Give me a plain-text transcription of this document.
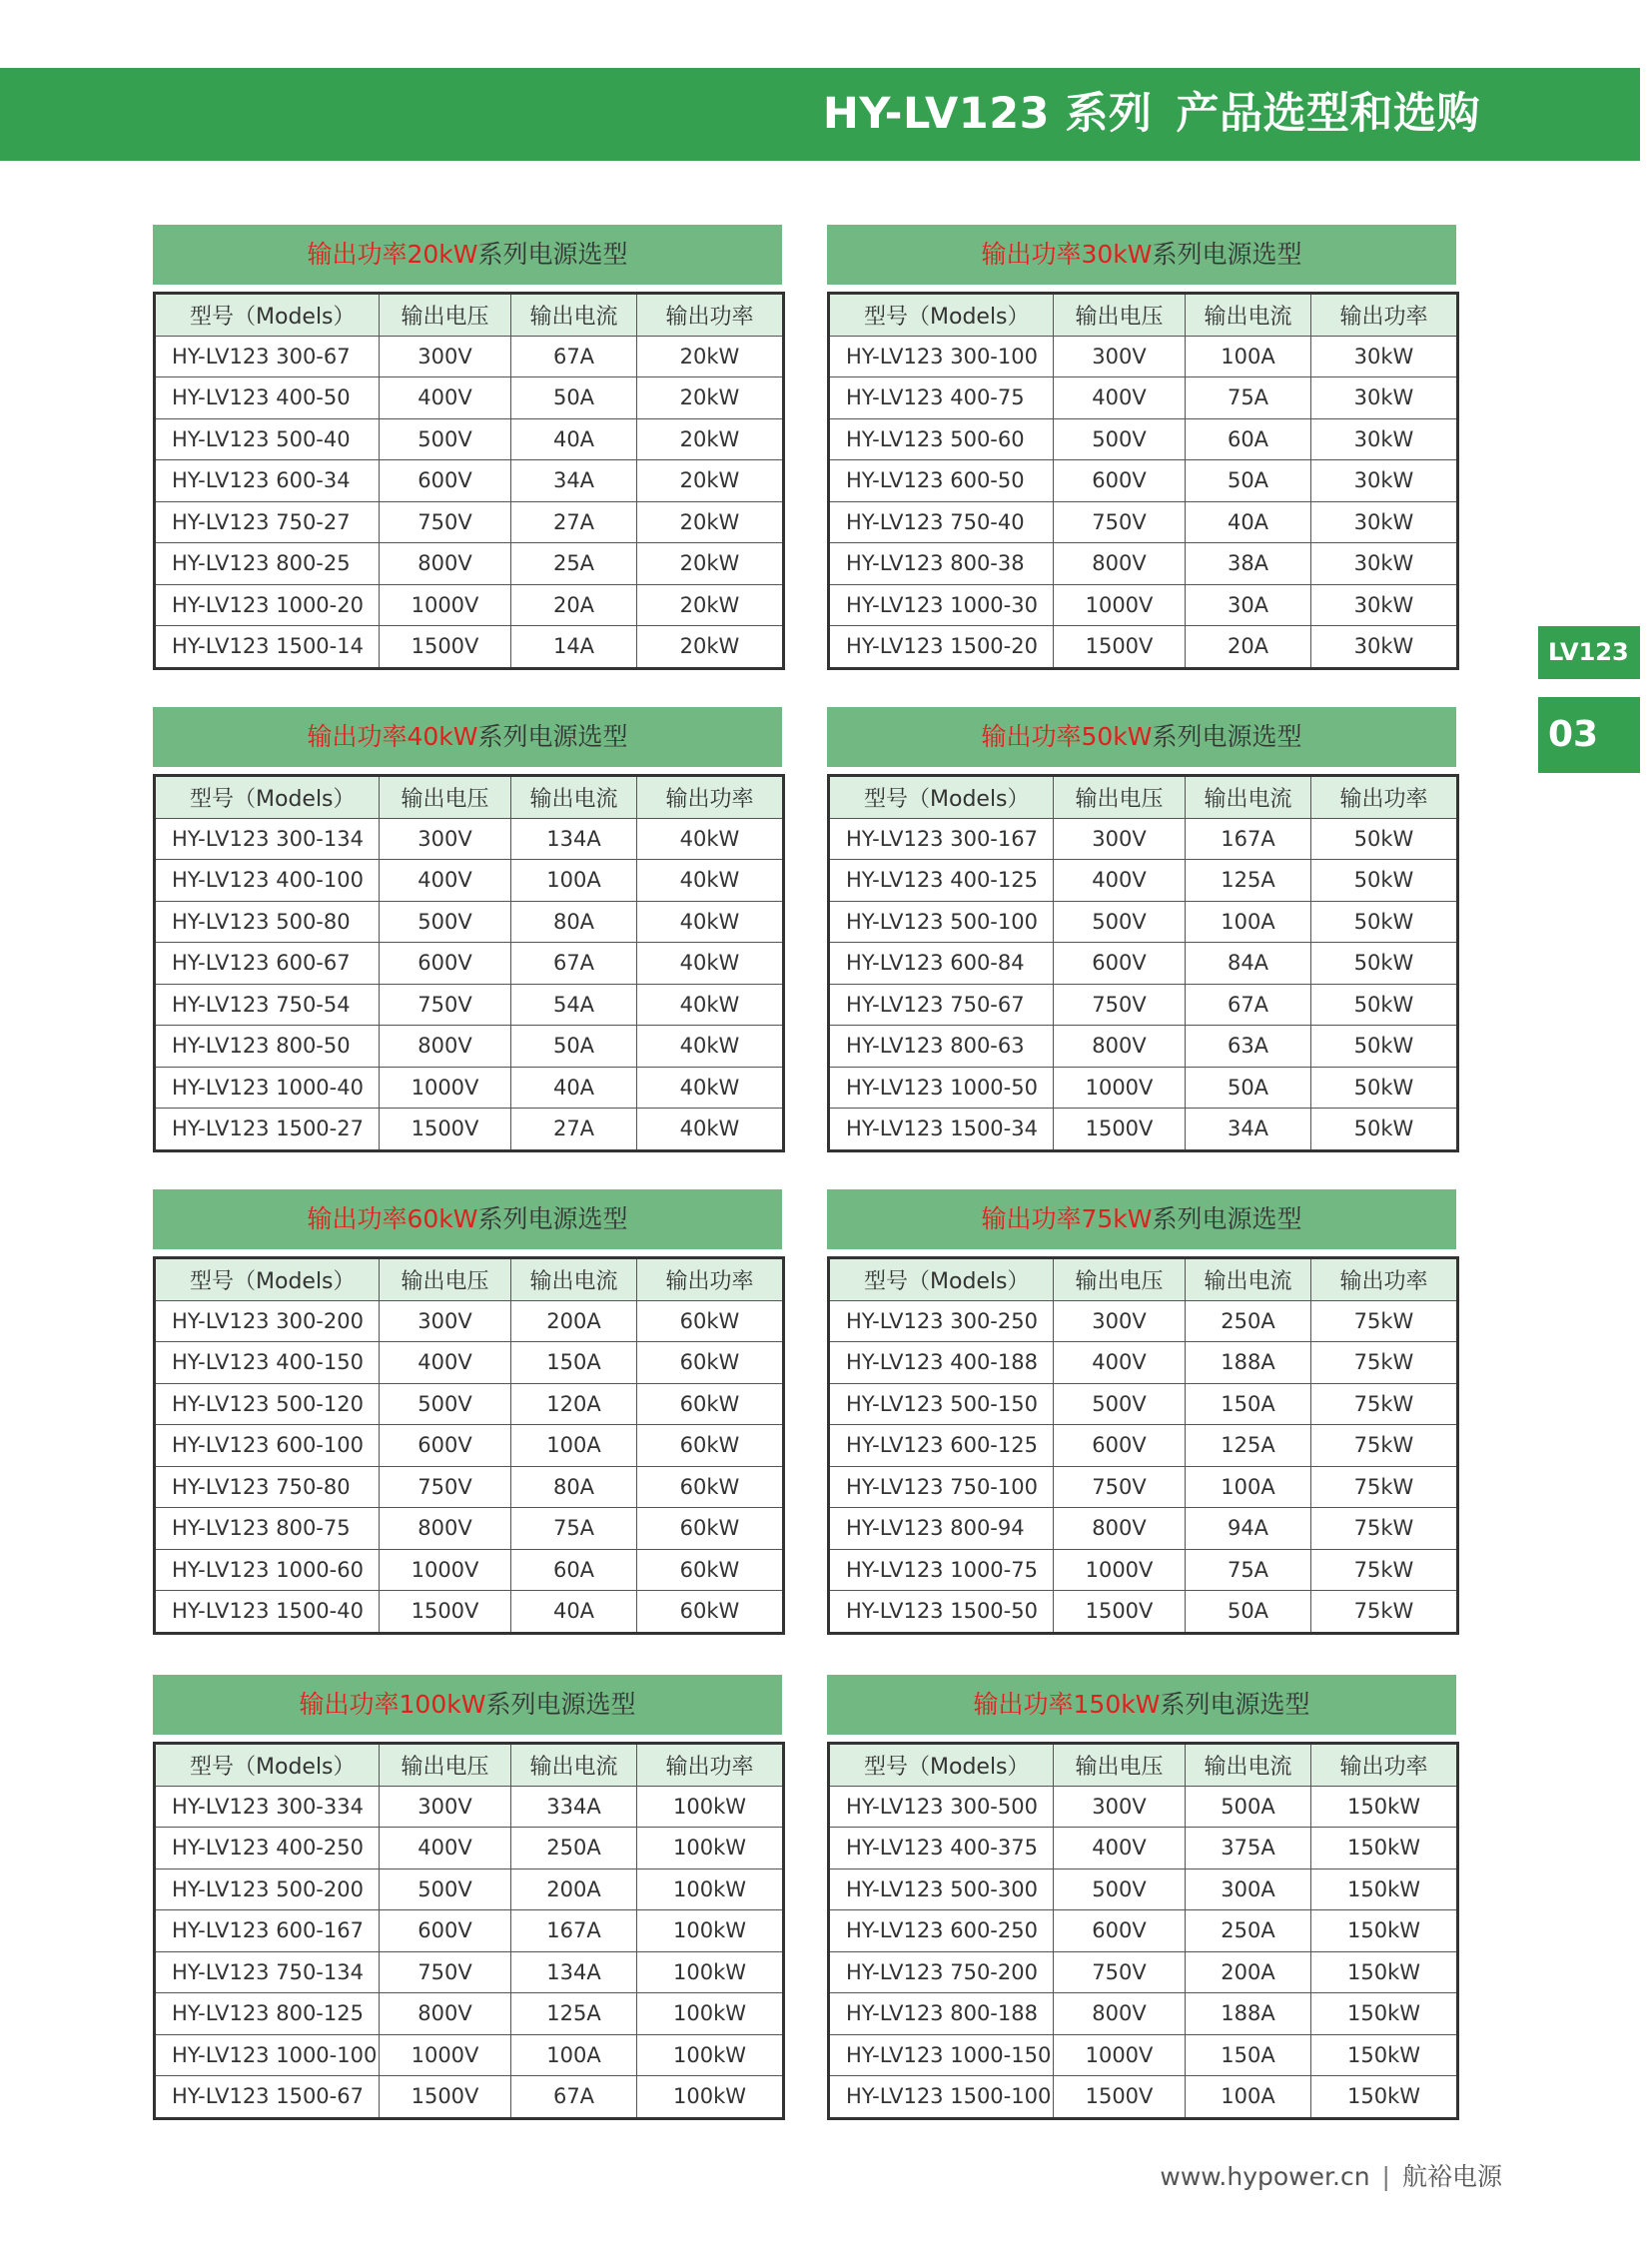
HY-LV123 系列 产品选型和选购
LV123
03
输出功率20kW系列电源选型
型号（Models）	输出电压	输出电流	输出功率
HY-LV123 300-67	300V	67A	20kW
HY-LV123 400-50	400V	50A	20kW
HY-LV123 500-40	500V	40A	20kW
HY-LV123 600-34	600V	34A	20kW
HY-LV123 750-27	750V	27A	20kW
HY-LV123 800-25	800V	25A	20kW
HY-LV123 1000-20	1000V	20A	20kW
HY-LV123 1500-14	1500V	14A	20kW
输出功率30kW系列电源选型
型号（Models）	输出电压	输出电流	输出功率
HY-LV123 300-100	300V	100A	30kW
HY-LV123 400-75	400V	75A	30kW
HY-LV123 500-60	500V	60A	30kW
HY-LV123 600-50	600V	50A	30kW
HY-LV123 750-40	750V	40A	30kW
HY-LV123 800-38	800V	38A	30kW
HY-LV123 1000-30	1000V	30A	30kW
HY-LV123 1500-20	1500V	20A	30kW
输出功率40kW系列电源选型
型号（Models）	输出电压	输出电流	输出功率
HY-LV123 300-134	300V	134A	40kW
HY-LV123 400-100	400V	100A	40kW
HY-LV123 500-80	500V	80A	40kW
HY-LV123 600-67	600V	67A	40kW
HY-LV123 750-54	750V	54A	40kW
HY-LV123 800-50	800V	50A	40kW
HY-LV123 1000-40	1000V	40A	40kW
HY-LV123 1500-27	1500V	27A	40kW
输出功率50kW系列电源选型
型号（Models）	输出电压	输出电流	输出功率
HY-LV123 300-167	300V	167A	50kW
HY-LV123 400-125	400V	125A	50kW
HY-LV123 500-100	500V	100A	50kW
HY-LV123 600-84	600V	84A	50kW
HY-LV123 750-67	750V	67A	50kW
HY-LV123 800-63	800V	63A	50kW
HY-LV123 1000-50	1000V	50A	50kW
HY-LV123 1500-34	1500V	34A	50kW
输出功率60kW系列电源选型
型号（Models）	输出电压	输出电流	输出功率
HY-LV123 300-200	300V	200A	60kW
HY-LV123 400-150	400V	150A	60kW
HY-LV123 500-120	500V	120A	60kW
HY-LV123 600-100	600V	100A	60kW
HY-LV123 750-80	750V	80A	60kW
HY-LV123 800-75	800V	75A	60kW
HY-LV123 1000-60	1000V	60A	60kW
HY-LV123 1500-40	1500V	40A	60kW
输出功率75kW系列电源选型
型号（Models）	输出电压	输出电流	输出功率
HY-LV123 300-250	300V	250A	75kW
HY-LV123 400-188	400V	188A	75kW
HY-LV123 500-150	500V	150A	75kW
HY-LV123 600-125	600V	125A	75kW
HY-LV123 750-100	750V	100A	75kW
HY-LV123 800-94	800V	94A	75kW
HY-LV123 1000-75	1000V	75A	75kW
HY-LV123 1500-50	1500V	50A	75kW
输出功率100kW系列电源选型
型号（Models）	输出电压	输出电流	输出功率
HY-LV123 300-334	300V	334A	100kW
HY-LV123 400-250	400V	250A	100kW
HY-LV123 500-200	500V	200A	100kW
HY-LV123 600-167	600V	167A	100kW
HY-LV123 750-134	750V	134A	100kW
HY-LV123 800-125	800V	125A	100kW
HY-LV123 1000-100	1000V	100A	100kW
HY-LV123 1500-67	1500V	67A	100kW
输出功率150kW系列电源选型
型号（Models）	输出电压	输出电流	输出功率
HY-LV123 300-500	300V	500A	150kW
HY-LV123 400-375	400V	375A	150kW
HY-LV123 500-300	500V	300A	150kW
HY-LV123 600-250	600V	250A	150kW
HY-LV123 750-200	750V	200A	150kW
HY-LV123 800-188	800V	188A	150kW
HY-LV123 1000-150	1000V	150A	150kW
HY-LV123 1500-100	1500V	100A	150kW
www.hypower.cn | 航裕电源
